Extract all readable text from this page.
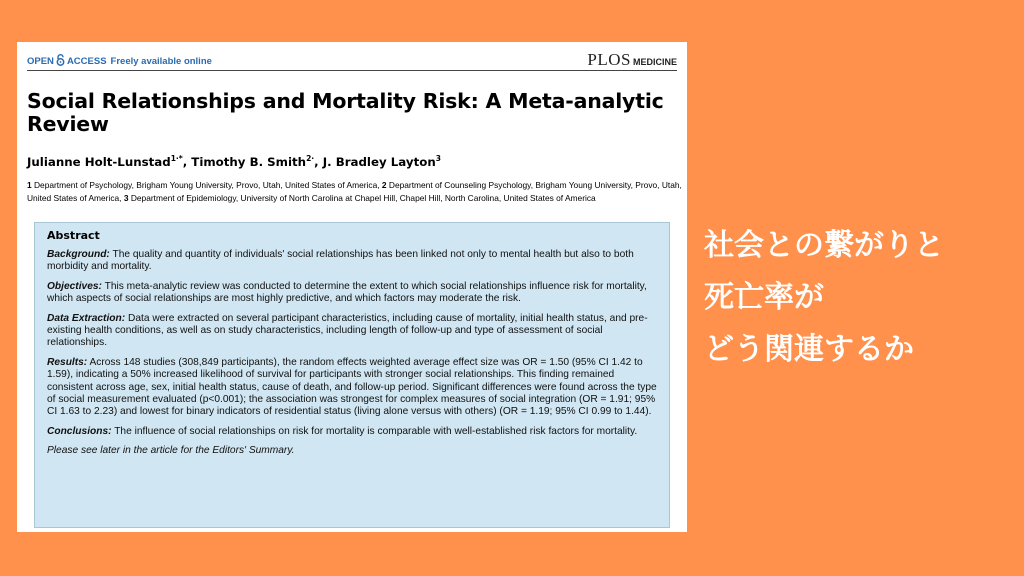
OPEN ACCESS Freely available online	PLOS MEDICINE
Social Relationships and Mortality Risk: A Meta-analytic Review

Julianne Holt-Lunstad$^{1\cdot*}$, Timothy B. Smith$^{2\cdot}$, J. Bradley Layton$^3$

1 Department of Psychology, Brigham Young University, Provo, Utah, United States of America, 2 Department of Counseling Psychology, Brigham Young University, Provo, Utah, United States of America, 3 Department of Epidemiology, University of North Carolina at Chapel Hill, Chapel Hill, North Carolina, United States of America

Abstract

Background: The quality and quantity of individuals' social relationships has been linked not only to mental health but also to both morbidity and mortality.

Objectives: This meta-analytic review was conducted to determine the extent to which social relationships influence risk for mortality, which aspects of social relationships are most highly predictive, and which factors may moderate the risk.

Data Extraction: Data were extracted on several participant characteristics, including cause of mortality, initial health status, and pre-existing health conditions, as well as on study characteristics, including length of follow-up and type of assessment of social relationships.

Results: Across 148 studies (308,849 participants), the random effects weighted average effect size was OR = 1.50 (95% CI 1.42 to 1.59), indicating a 50% increased likelihood of survival for participants with stronger social relationships. This finding remained consistent across age, sex, initial health status, cause of death, and follow-up period. Significant differences were found across the type of social measurement evaluated (p<0.001); the association was strongest for complex measures of social integration (OR = 1.91; 95% CI 1.63 to 2.23) and lowest for binary indicators of residential status (living alone versus with others) (OR = 1.19; 95% CI 0.99 to 1.44).

Conclusions: The influence of social relationships on risk for mortality is comparable with well-established risk factors for mortality.

Please see later in the article for the Editors' Summary.

社会との繋がりと
死亡率が
どう関連するか
